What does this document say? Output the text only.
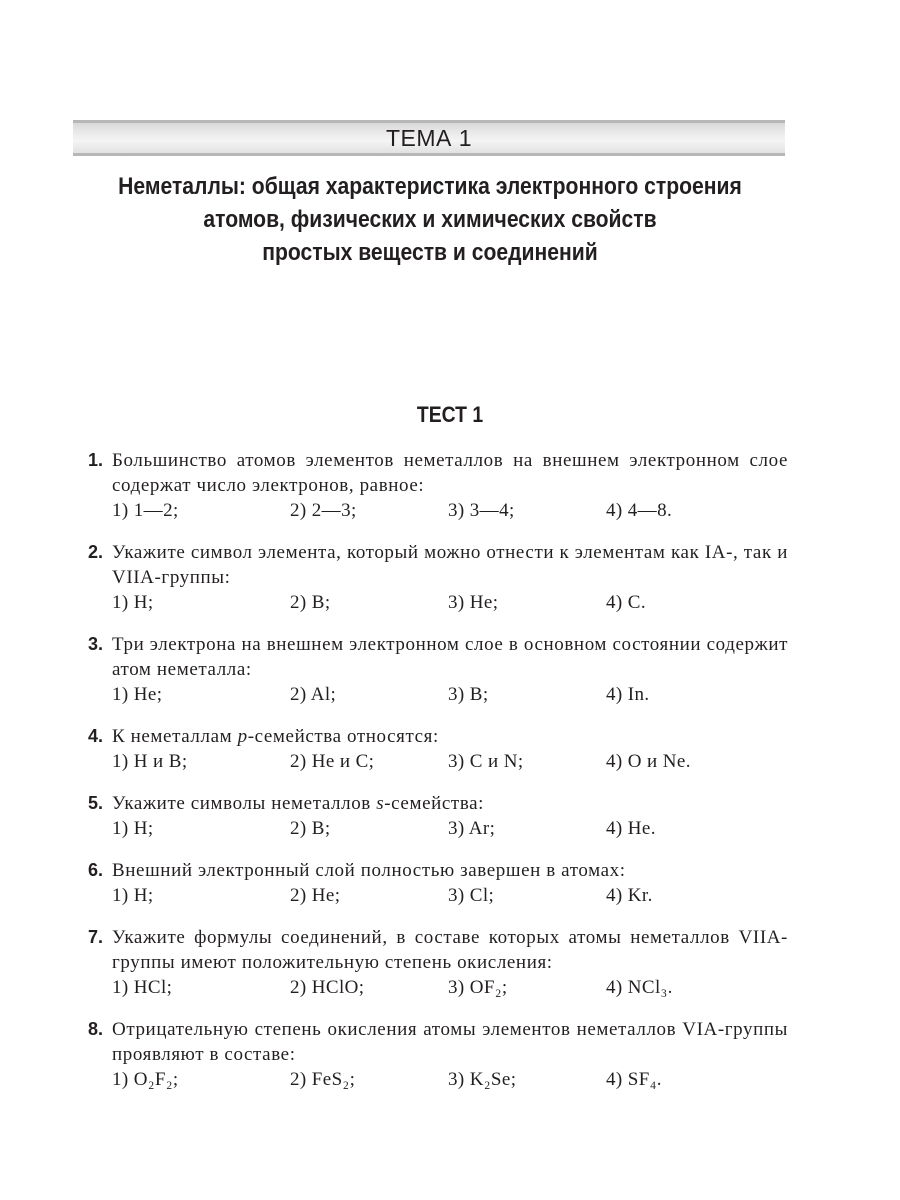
ТЕМА 1
Неметаллы: общая характеристика электронного строения
атомов, физических и химических свойств
простых веществ и соединений
ТЕСТ 1
1. Большинство атомов элементов неметаллов на внешнем электронном слое содержат число электронов, равное:
1) 1—2;	2) 2—3;	3) 3—4;	4) 4—8.
2. Укажите символ элемента, который можно отнести к элементам как IA-, так и VIIA-группы:
1) H;	2) B;	3) He;	4) C.
3. Три электрона на внешнем электронном слое в основном состоянии содержит атом неметалла:
1) He;	2) Al;	3) B;	4) In.
4. К неметаллам p-семейства относятся:
1) H и B;	2) He и C;	3) C и N;	4) O и Ne.
5. Укажите символы неметаллов s-семейства:
1) H;	2) B;	3) Ar;	4) He.
6. Внешний электронный слой полностью завершен в атомах:
1) H;	2) He;	3) Cl;	4) Kr.
7. Укажите формулы соединений, в составе которых атомы неметаллов VIIA-группы имеют положительную степень окисления:
1) HCl;	2) HClO;	3) OF₂;	4) NCl₃.
8. Отрицательную степень окисления атомы элементов неметаллов VIA-группы проявляют в составе:
1) O₂F₂;	2) FeS₂;	3) K₂Se;	4) SF₄.
